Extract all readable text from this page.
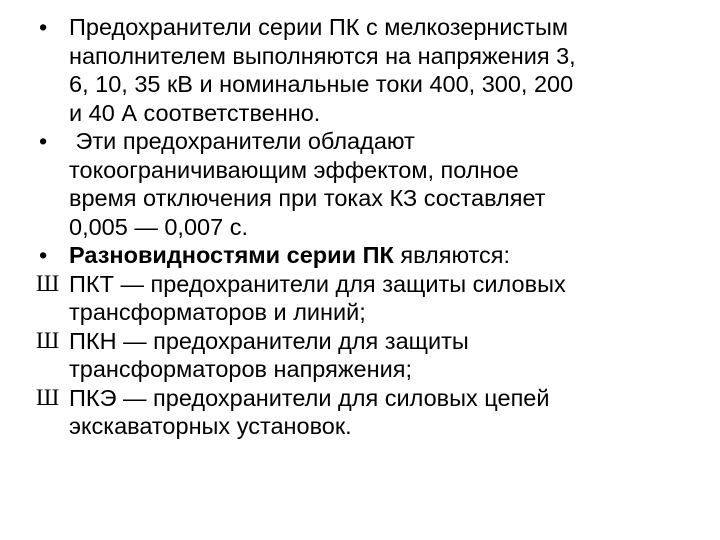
• Предохранители серии ПК с мелкозернистым
наполнителем выполняются на напряжения 3,
6, 10, 35 кВ и номинальные токи 400, 300, 200
и 40 А соответственно.

• Эти предохранители обладают
токоограничивающим эффектом, полное
время отключения при токах КЗ составляет
0,005 — 0,007 с.

• Разновидностями серии ПК являются:

Ш ПКТ — предохранители для защиты силовых
трансформаторов и линий;

Ш ПКН — предохранители для защиты
трансформаторов напряжения;

Ш ПКЭ — предохранители для силовых цепей
экскаваторных установок.
